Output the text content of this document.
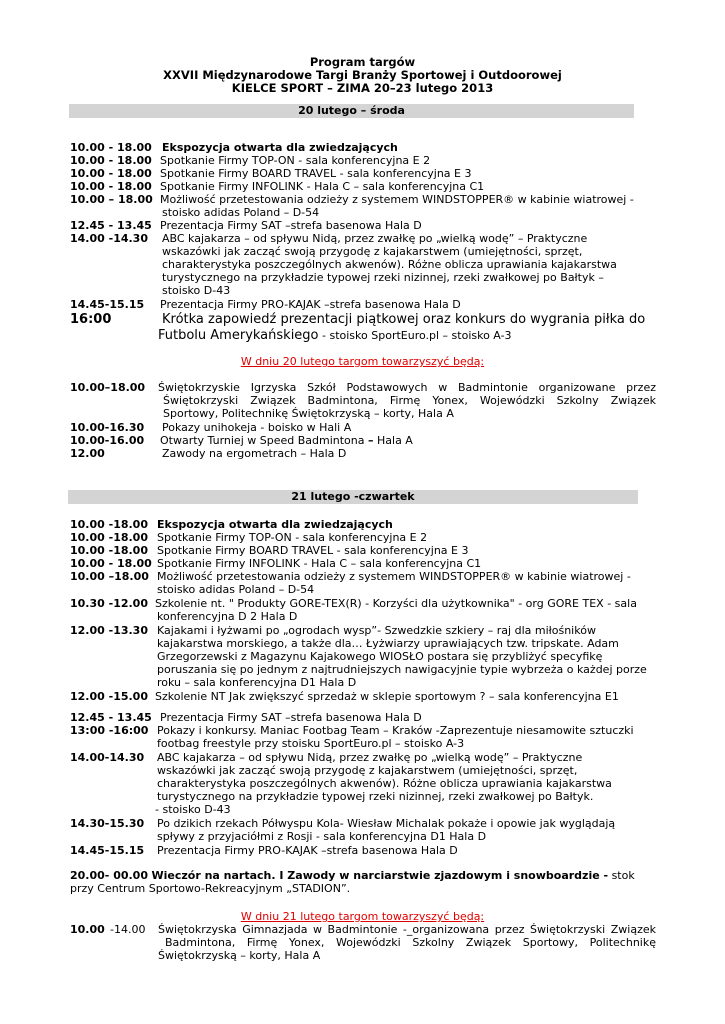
Program targów
XXVII Międzynarodowe Targi Branży Sportowej i Outdoorowej
KIELCE SPORT – ZIMA 20–23 lutego 2013
20 lutego – środa
10.00 - 18.00 Ekspozycja otwarta dla zwiedzających
10.00 - 18.00 Spotkanie Firmy TOP-ON - sala konferencyjna E 2
10.00 - 18.00 Spotkanie Firmy BOARD TRAVEL - sala konferencyjna E 3
10.00 - 18.00 Spotkanie Firmy INFOLINK - Hala C – sala konferencyjna C1
10.00 – 18.00 Możliwość przetestowania odzieży z systemem WINDSTOPPER® w kabinie wiatrowej -
stoisko adidas Poland – D-54
12.45 - 13.45 Prezentacja Firmy SAT –strefa basenowa Hala D
14.00 -14.30 ABC kajakarza – od spływu Nidą, przez zwałkę po „wielką wodę” – Praktyczne
wskazówki jak zacząć swoją przygodę z kajakarstwem (umiejętności, sprzęt,
charakterystyka poszczególnych akwenów). Różne oblicza uprawiania kajakarstwa
turystycznego na przykładzie typowej rzeki nizinnej, rzeki zwałkowej po Bałtyk –
stoisko D-43
14.45-15.15 Prezentacja Firmy PRO-KAJAK –strefa basenowa Hala D
16:00	Krótka zapowiedź prezentacji piątkowej oraz konkurs do wygrania piłka do
Futbolu Amerykańskiego - stoisko SportEuro.pl – stoisko A-3
W dniu 20 lutego targom towarzyszyć będą:
10.00–18.00 Świętokrzyskie Igrzyska Szkół Podstawowych w Badmintonie organizowane przez
Świętokrzyski Związek Badmintona, Firmę Yonex, Wojewódzki Szkolny Związek
Sportowy, Politechnikę Świętokrzyską – korty, Hala A
10.00-16.30 Pokazy unihokeja - boisko w Hali A
10.00-16.00 Otwarty Turniej w Speed Badmintona – Hala A
12.00	Zawody na ergometrach – Hala D
21 lutego -czwartek
10.00 -18.00 Ekspozycja otwarta dla zwiedzających
10.00 -18.00 Spotkanie Firmy TOP-ON - sala konferencyjna E 2
10.00 -18.00 Spotkanie Firmy BOARD TRAVEL - sala konferencyjna E 3
10.00 - 18.00 Spotkanie Firmy INFOLINK - Hala C – sala konferencyjna C1
10.00 –18.00 Możliwość przetestowania odzieży z systemem WINDSTOPPER® w kabinie wiatrowej -
stoisko adidas Poland – D-54
10.30 -12.00 Szkolenie nt. " Produkty GORE-TEX(R) - Korzyści dla użytkownika" - org GORE TEX - sala
konferencyjna D 2 Hala D
12.00 -13.30 Kajakami i łyżwami po „ogrodach wysp”- Szwedzkie szkiery – raj dla miłośników
kajakarstwa morskiego, a także dla… Łyżwiarzy uprawiających tzw. tripskate. Adam
Grzegorzewski z Magazynu Kajakowego WIOSŁO postara się przybliżyć specyfikę
poruszania się po jednym z najtrudniejszych nawigacyjnie typie wybrzeża o każdej porze
roku – sala konferencyjna D1 Hala D
12.00 -15.00 Szkolenie NT Jak zwiększyć sprzedaż w sklepie sportowym ? – sala konferencyjna E1
12.45 - 13.45 Prezentacja Firmy SAT –strefa basenowa Hala D
13:00 -16:00 Pokazy i konkursy. Maniac Footbag Team – Kraków -Zaprezentuje niesamowite sztuczki
footbag freestyle przy stoisku SportEuro.pl – stoisko A-3
14.00-14.30 ABC kajakarza – od spływu Nidą, przez zwałkę po „wielką wodę” – Praktyczne
wskazówki jak zacząć swoją przygodę z kajakarstwem (umiejętności, sprzęt,
charakterystyka poszczególnych akwenów). Różne oblicza uprawiania kajakarstwa
turystycznego na przykładzie typowej rzeki nizinnej, rzeki zwałkowej po Bałtyk.
- stoisko D-43
14.30-15.30 Po dzikich rzekach Półwyspu Kola- Wiesław Michalak pokaże i opowie jak wyglądają
spływy z przyjaciółmi z Rosji - sala konferencyjna D1 Hala D
14.45-15.15 Prezentacja Firmy PRO-KAJAK –strefa basenowa Hala D
20.00- 00.00 Wieczór na nartach. I Zawody w narciarstwie zjazdowym i snowboardzie - stok
przy Centrum Sportowo-Rekreacyjnym „STADION”.
W dniu 21 lutego targom towarzyszyć będą:
10.00 -14.00 Świętokrzyska Gimnazjada w Badmintonie -_organizowana przez Świętokrzyski Związek
Badmintona, Firmę Yonex, Wojewódzki Szkolny Związek Sportowy, Politechnikę
Świętokrzyską – korty, Hala A
